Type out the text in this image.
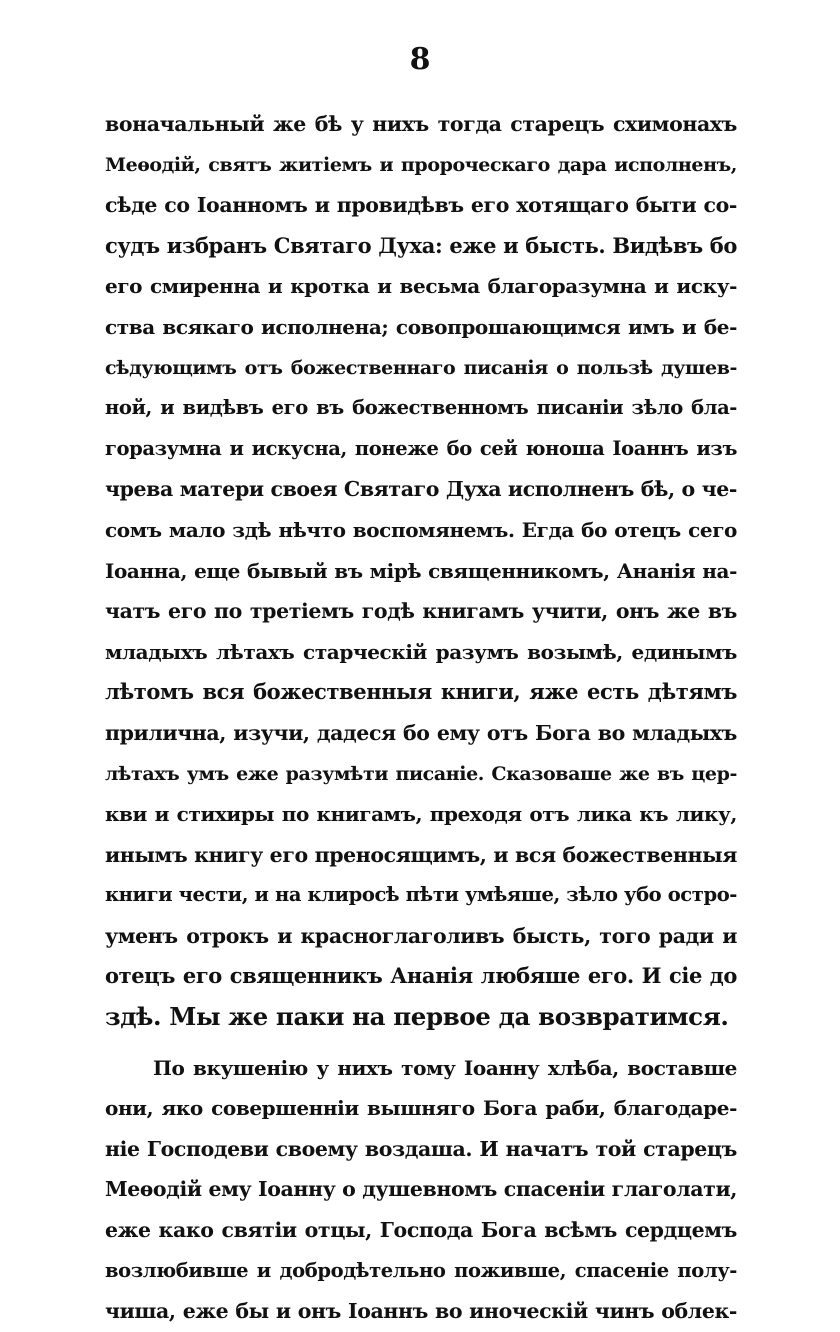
8
воначальный же бѣ у нихъ тогда старецъ схимонахъ
Меѳодій, святъ житіемъ и пророческаго дара исполненъ,
сѣде со Іоанномъ и провидѣвъ его хотящаго быти со-
судъ избранъ Святаго Духа: еже и бысть. Видѣвъ бо
его смиренна и кротка и весьма благоразумна и иску-
ства всякаго исполнена; совопрошающимся имъ и бе-
сѣдующимъ отъ божественнаго писанія о пользѣ душев-
ной, и видѣвъ его въ божественномъ писаніи зѣло бла-
горазумна и искусна, понеже бо сей юноша Іоаннъ изъ
чрева матери своея Святаго Духа исполненъ бѣ, о че-
сомъ мало здѣ нѣчто воспомянемъ. Егда бо отецъ сего
Іоанна, еще бывый въ мірѣ священникомъ, Ананія на-
чатъ его по третіемъ годѣ книгамъ учити, онъ же въ
младыхъ лѣтахъ старческій разумъ возымѣ, единымъ
лѣтомъ вся божественныя книги, яже есть дѣтямъ
прилична, изучи, дадеся бо ему отъ Бога во младыхъ
лѣтахъ умъ еже разумѣти писаніе. Сказоваше же въ цер-
кви и стихиры по книгамъ, преходя отъ лика къ лику,
инымъ книгу его преносящимъ, и вся божественныя
книги чести, и на клиросѣ пѣти умѣяше, зѣло убо остро-
уменъ отрокъ и красноглаголивъ бысть, того ради и
отецъ его священникъ Ананія любяше его. И сіе до
здѣ. Мы же паки на первое да возвратимся.
По вкушенію у нихъ тому Іоанну хлѣба, воставше
они, яко совершенніи вышняго Бога раби, благодаре-
ніе Господеви своему воздаша. И начатъ той старецъ
Меѳодій ему Іоанну о душевномъ спасеніи глаголати,
еже како святіи отцы, Господа Бога всѣмъ сердцемъ
возлюбивше и добродѣтельно поживше, спасеніе полу-
чиша, еже бы и онъ Іоаннъ во иноческій чинъ облек-
